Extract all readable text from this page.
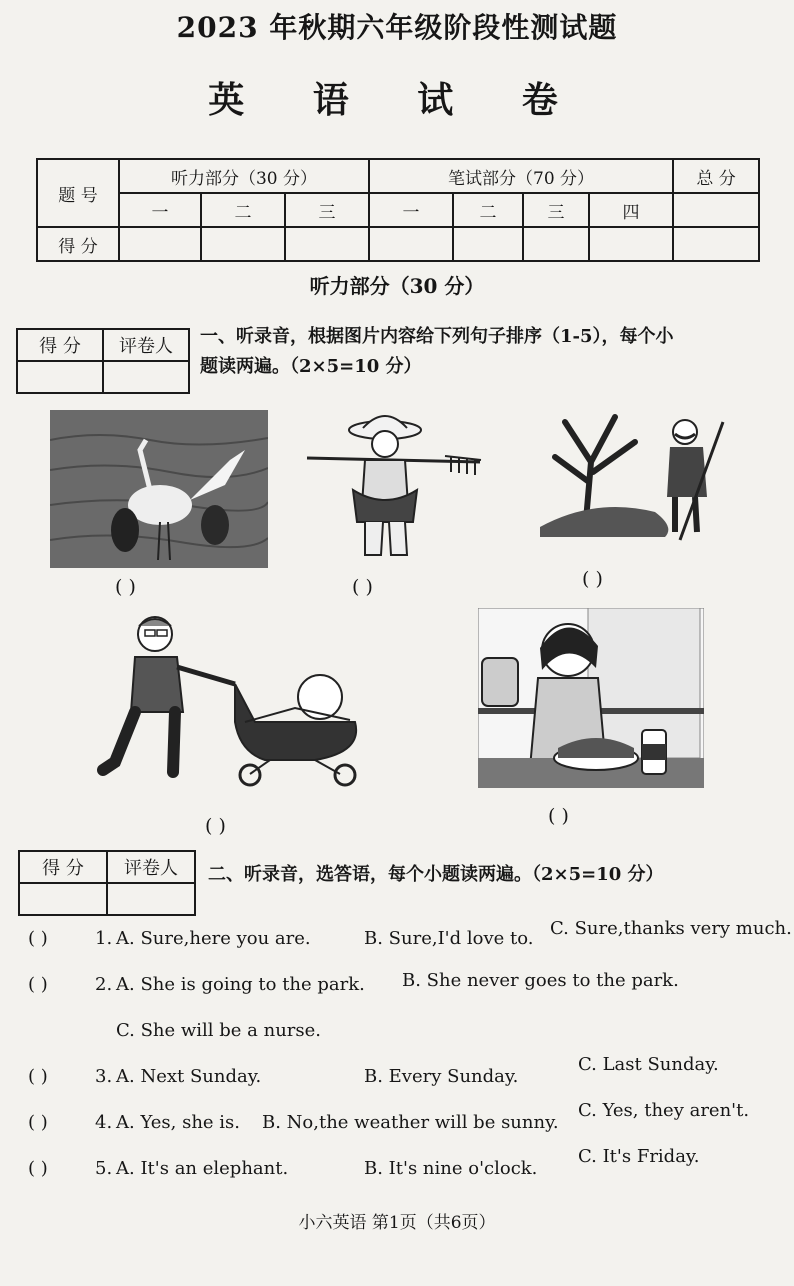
2023 年秋期六年级阶段性测试题
英 语 试 卷
题 号	听力部分（30 分）			笔试部分（70 分）				总 分
	一	二	三	一	二	三	四	
得 分								
听力部分（30 分）
得 分	评卷人
	一、听录音，根据图片内容给下列句子排序（1-5），每个小
题读两遍。（2×5=10 分）
( )	( )	( )
( )	( )
得 分	评卷人
	二、听录音，选答语，每个小题读两遍。（2×5=10 分）
( )	1. A. Sure,here you are.	B. Sure,I'd love to. C. Sure,thanks very much.
( )	2. A. She is going to the park. B. She never goes to the park.
C. She will be a nurse.
( )	3. A. Next Sunday.	B. Every Sunday.
C. Last Sunday.
( )	4. A. Yes, she is. B. No,the weather will be sunny.
C. Yes, they aren't.
( )	5. A. It's an elephant.	B. It's nine o'clock.
C. It's Friday.
小六英语 第1页（共6页）
